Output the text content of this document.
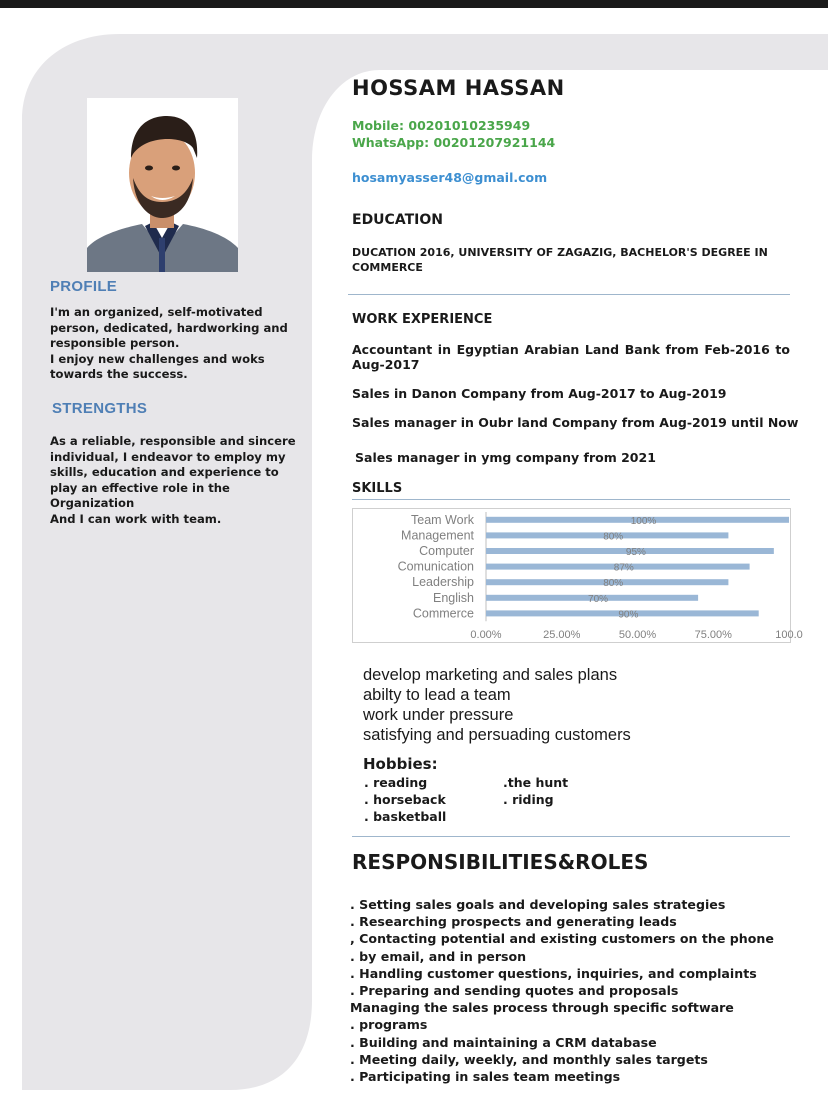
PROFILE
I'm an organized, self-motivated
person, dedicated, hardworking and
responsible person.
I enjoy new challenges and woks
towards the success.
STRENGTHS
As a reliable, responsible and sincere
individual, I endeavor to employ my
skills, education and experience to
play an effective role in the
Organization
And I can work with team.
HOSSAM HASSAN
Mobile: 00201010235949
WhatsApp: 00201207921144
hosamyasser48@gmail.com
EDUCATION
DUCATION 2016, UNIVERSITY OF ZAGAZIG, BACHELOR'S DEGREE IN
COMMERCE
WORK EXPERIENCE
Accountant in Egyptian Arabian Land Bank from Feb-2016 to
Aug-2017
Sales in Danon Company from Aug-2017 to Aug-2019
Sales manager in Oubr land Company from Aug-2019 until Now
Sales manager in ymg company from 2021
SKILLS
Team Work	100%
Management	80%
Computer	95%
Comunication	87%
Leadership	80%
English	70%
Commerce	90%
0.00%	25.00%	50.00%	75.00%	100.0
develop marketing and sales plans
abilty to lead a team
work under pressure
satisfying and persuading customers
Hobbies:
. reading
. horseback
. basketball
.the hunt
. riding
RESPONSIBILITIES&ROLES
. Setting sales goals and developing sales strategies
. Researching prospects and generating leads
, Contacting potential and existing customers on the phone
. by email, and in person
. Handling customer questions, inquiries, and complaints
. Preparing and sending quotes and proposals
Managing the sales process through specific software
. programs
. Building and maintaining a CRM database
. Meeting daily, weekly, and monthly sales targets
. Participating in sales team meetings
